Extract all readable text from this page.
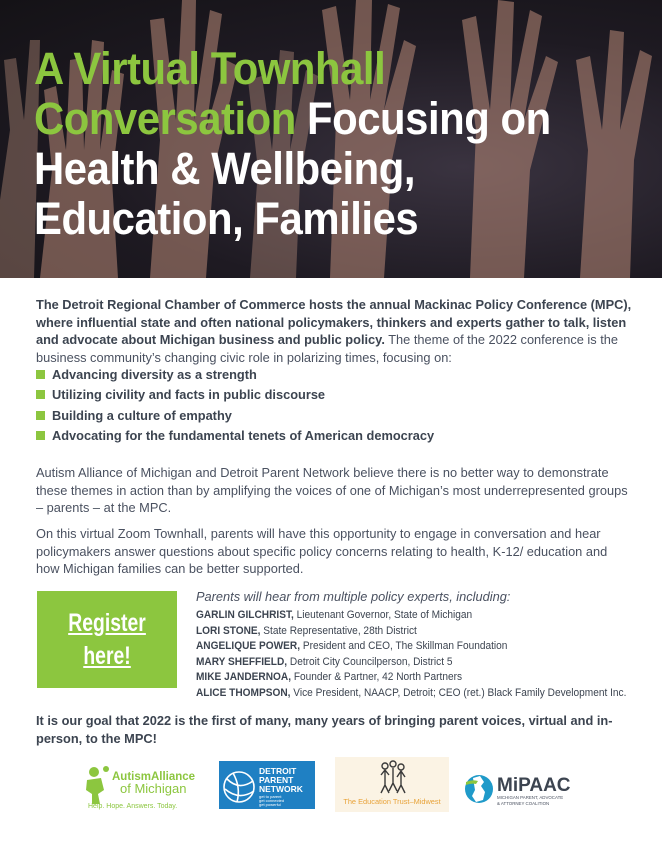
A Virtual Townhall Conversation Focusing on Health & Wellbeing, Education, Families

The Detroit Regional Chamber of Commerce hosts the annual Mackinac Policy Conference (MPC), where influential state and often national policymakers, thinkers and experts gather to talk, listen and advocate about Michigan business and public policy. The theme of the 2022 conference is the business community’s changing civic role in polarizing times, focusing on:

Advancing diversity as a strength
Utilizing civility and facts in public discourse
Building a culture of empathy
Advocating for the fundamental tenets of American democracy

Autism Alliance of Michigan and Detroit Parent Network believe there is no better way to demonstrate these themes in action than by amplifying the voices of one of Michigan’s most underrepresented groups – parents – at the MPC.

On this virtual Zoom Townhall, parents will have this opportunity to engage in conversation and hear policymakers answer questions about specific policy concerns relating to health, K-12/ education and how Michigan families can be better supported.

Register
here!
Parents will hear from multiple policy experts, including:
GARLIN GILCHRIST, Lieutenant Governor, State of Michigan
LORI STONE, State Representative, 28th District
ANGELIQUE POWER, President and CEO, The Skillman Foundation
MARY SHEFFIELD, Detroit City Councilperson, District 5
MIKE JANDERNOA, Founder & Partner, 42 North Partners
ALICE THOMPSON, Vice President, NAACP, Detroit; CEO (ret.) Black Family Development Inc.

It is our goal that 2022 is the first of many, many years of bringing parent voices, virtual and in-person, to the MPC!

AutismAlliance
of Michigan
Help. Hope. Answers. Today.
DETROIT
PARENT
NETWORK
get to parent
get connected
get powerful	The Education Trust–Midwest
MiPAAC
MICHIGAN PARENT, ADVOCATE
& ATTORNEY COALITION
